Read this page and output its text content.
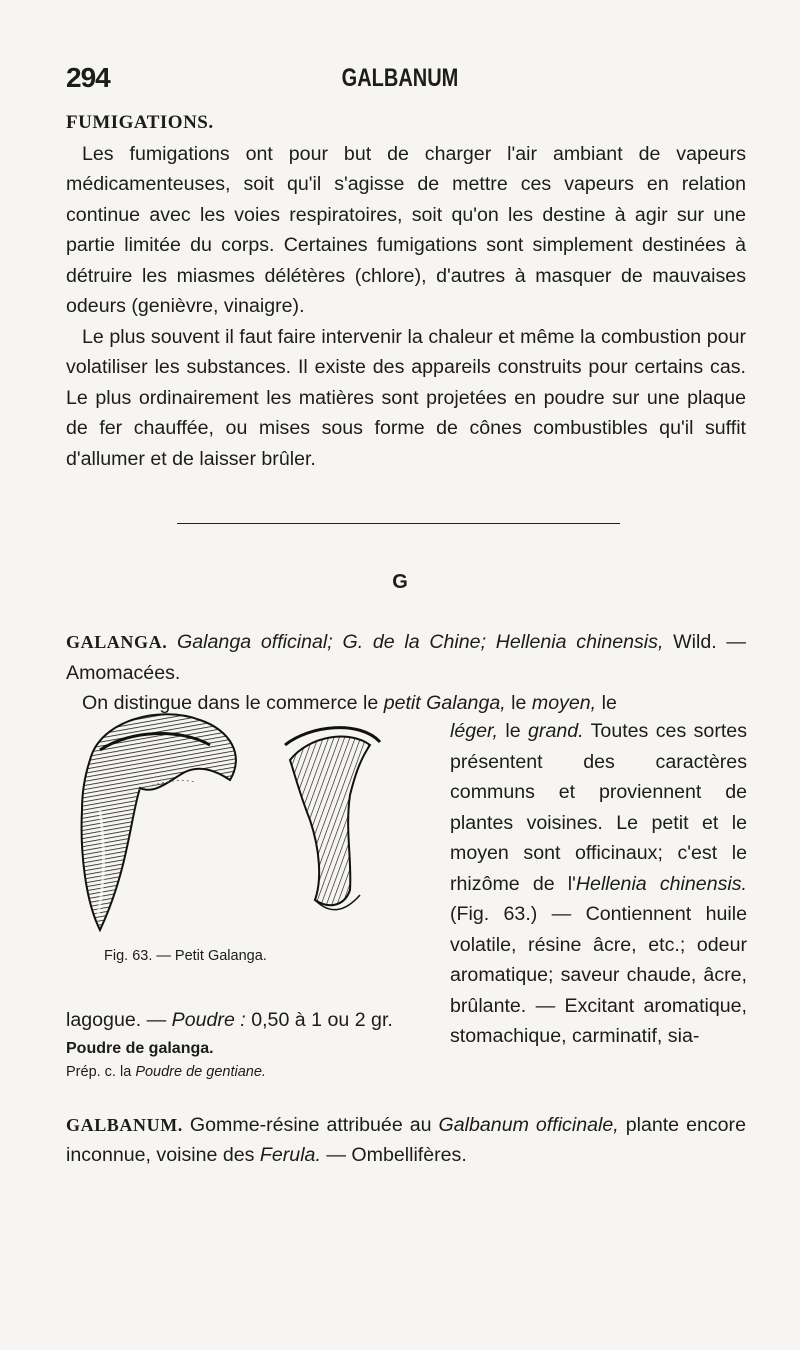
294	GALBANUM
FUMIGATIONS.
Les fumigations ont pour but de charger l'air ambiant de vapeurs médicamenteuses, soit qu'il s'agisse de mettre ces vapeurs en relation continue avec les voies respiratoires, soit qu'on les destine à agir sur une partie limitée du corps. Certaines fumigations sont simplement destinées à détruire les miasmes délétères (chlore), d'autres à masquer de mauvaises odeurs (genièvre, vinaigre).
Le plus souvent il faut faire intervenir la chaleur et même la combustion pour volatiliser les substances. Il existe des appareils construits pour certains cas. Le plus ordinairement les matières sont projetées en poudre sur une plaque de fer chauffée, ou mises sous forme de cônes combustibles qu'il suffit d'allumer et de laisser brûler.
G
GALANGA. Galanga officinal; G. de la Chine; Hellenia chinensis, Wild. — Amomacées.
On distingue dans le commerce le petit Galanga, le moyen, le
léger, le grand. Toutes ces sortes présentent des caractères communs et proviennent de plantes voisines. Le petit et le moyen sont officinaux; c'est le rhizôme de l'Hellenia chinensis. (Fig. 63.) — Contiennent huile volatile, résine âcre, etc.; odeur aromatique; saveur chaude, âcre, brûlante. — Excitant aromatique, stomachique, carminatif, sia-
Fig. 63. — Petit Galanga.
lagogue. — Poudre : 0,50 à 1 ou 2 gr.
Poudre de galanga.
Prép. c. la Poudre de gentiane.
GALBANUM. Gomme-résine attribuée au Galbanum officinale, plante encore inconnue, voisine des Ferula. — Ombellifères.
